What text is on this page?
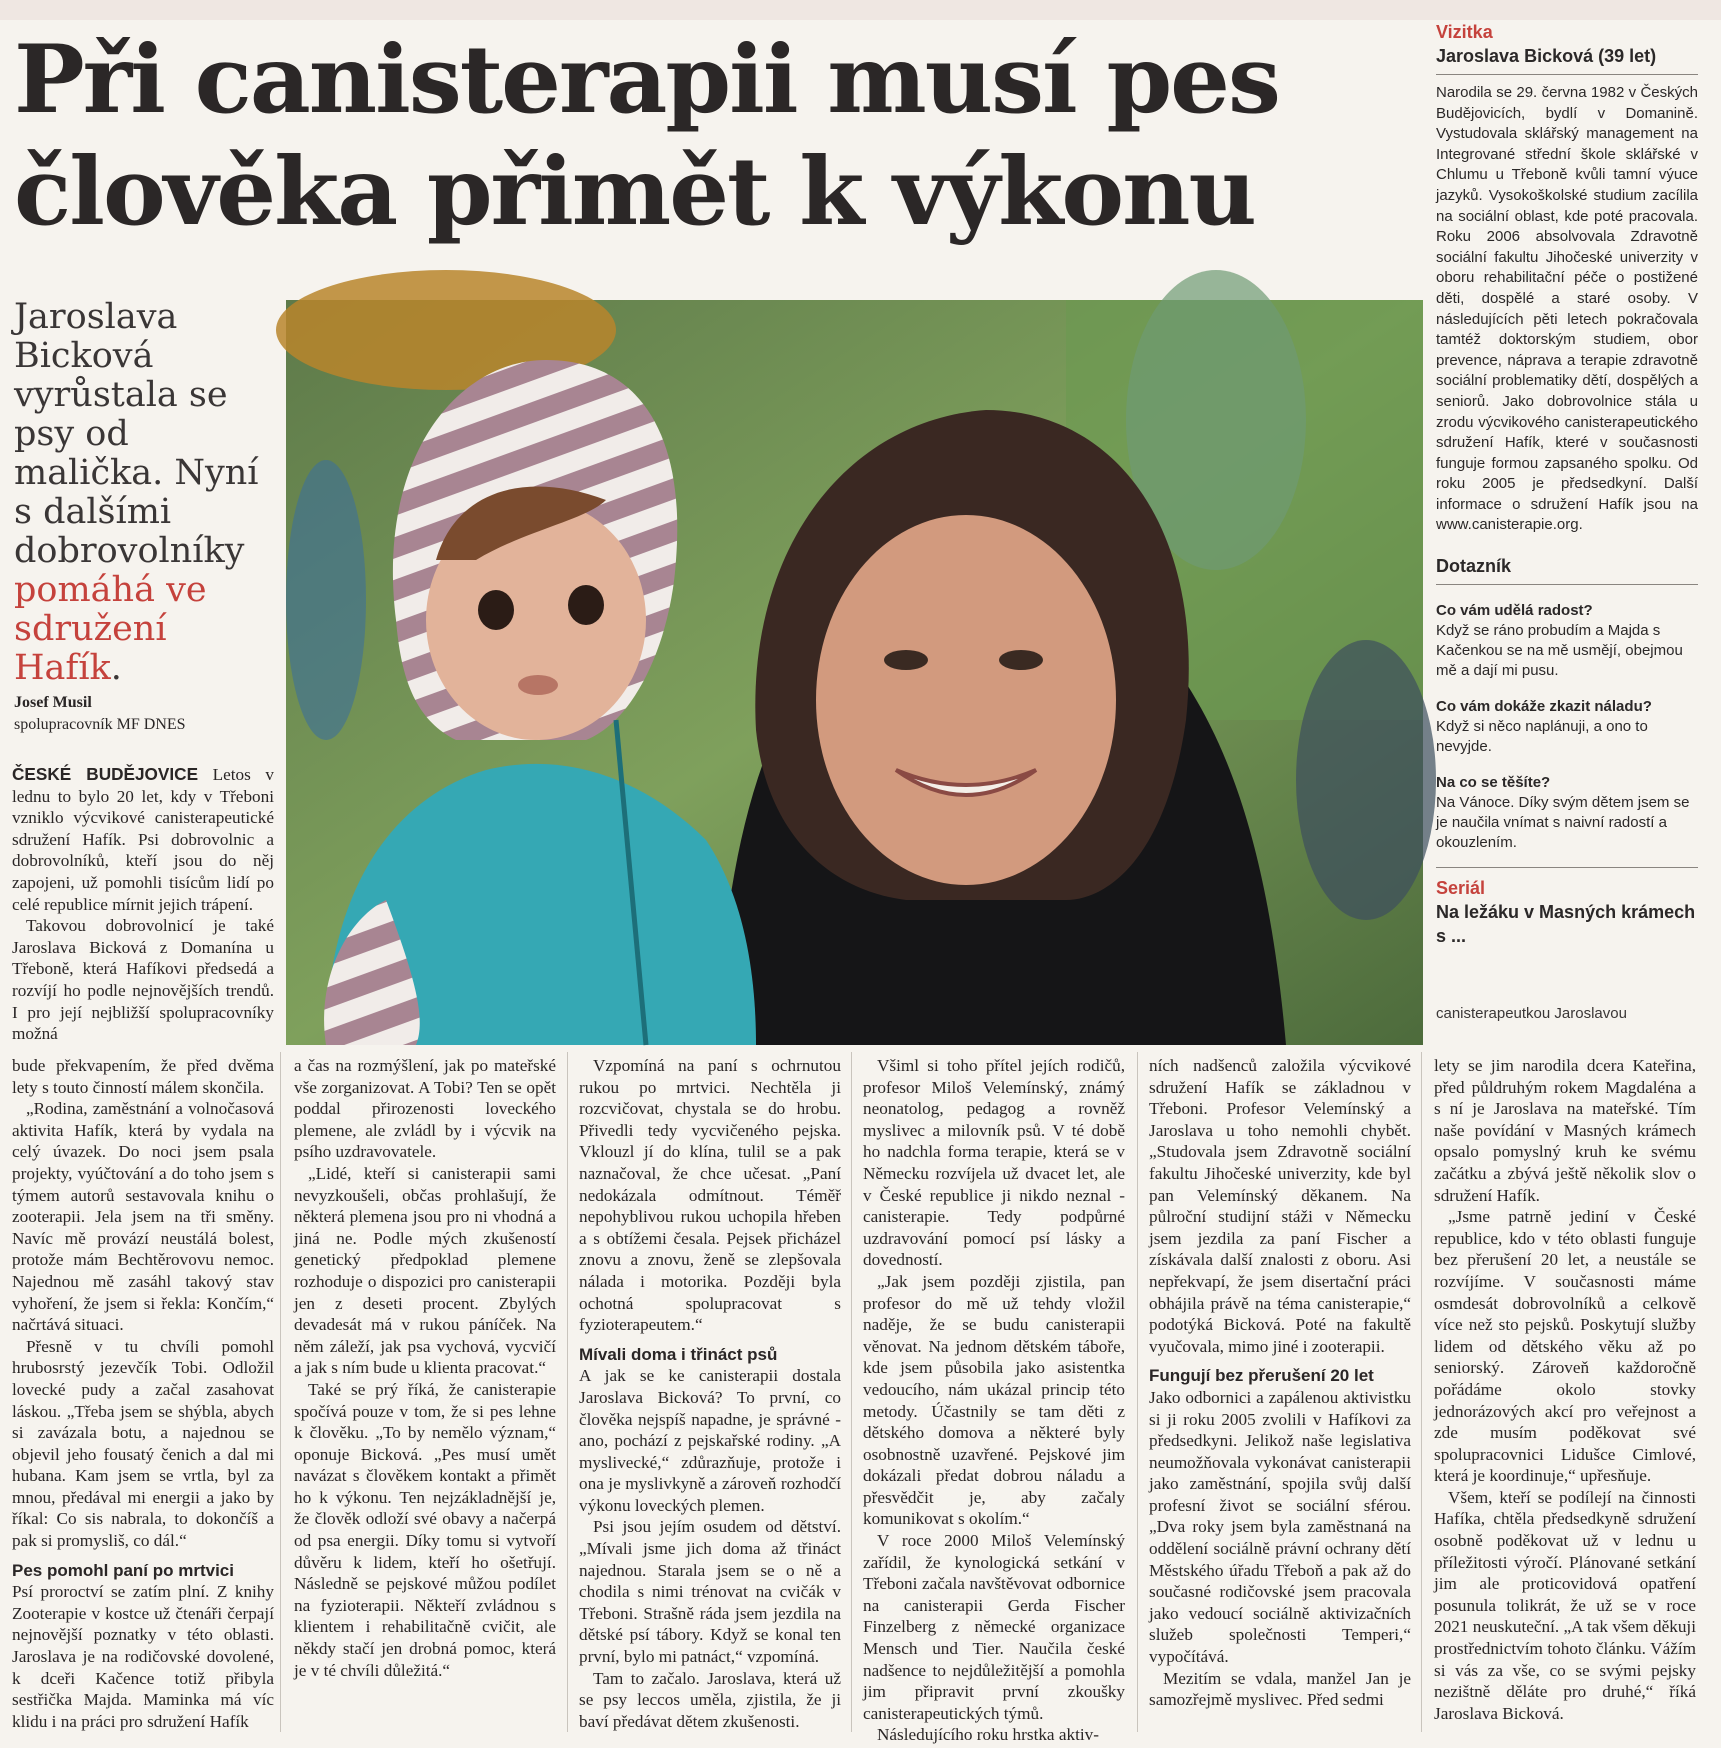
Při canisterapii musí pes
člověka přimět k výkonu
Jaroslava Bicková vyrůstala se psy od malička. Nyní s dalšími dobrovolníky
pomáhá ve sdružení Hafík.
Josef Musil
spolupracovník MF DNES

ČESKÉ BUDĚJOVICE Letos v lednu to bylo 20 let, kdy v Třeboni vzniklo výcvikové canisterapeutické sdružení Hafík. Psi dobrovolnic a dobrovolníků, kteří jsou do něj zapojeni, už pomohli tisícům lidí po celé republice mírnit jejich trápení.

Takovou dobrovolnicí je také Jaroslava Bicková z Domanína u Třeboně, která Hafíkovi předsedá a rozvíjí ho podle nejnovějších trendů. I pro její nejbližší spolupracovníky možná

Vizitka
Jaroslava Bicková (39 let)
Narodila se 29. června 1982 v Českých Budějovicích, bydlí v Domanině. Vystudovala sklářský management na Integrované střední škole sklářské v Chlumu u Třeboně kvůli tamní výuce jazyků. Vysokoškolské studium zacílila na sociální oblast, kde poté pracovala. Roku 2006 absolvovala Zdravotně sociální fakultu Jihočeské univerzity v oboru rehabilitační péče o postižené děti, dospělé a staré osoby. V následujících pěti letech pokračovala tamtéž doktorským studiem, obor prevence, náprava a terapie zdravotně sociální problematiky dětí, dospělých a seniorů. Jako dobrovolnice stála u zrodu výcvikového canisterapeutického sdružení Hafík, které v současnosti funguje formou zapsaného spolku. Od roku 2005 je předsedkyní. Další informace o sdružení Hafík jsou na www.canisterapie.org.
Dotazník
Co vám udělá radost?
Když se ráno probudím a Majda s Kačenkou se na mě usmějí, obejmou mě a dají mi pusu.
Co vám dokáže zkazit náladu?
Když si něco naplánuji, a ono to nevyjde.
Na co se těšíte?
Na Vánoce. Díky svým dětem jsem se je naučila vnímat s naivní radostí a okouzlením.
Seriál
Na ležáku v Masných krámech s ...
canisterapeutkou Jaroslavou

bude překvapením, že před dvěma lety s touto činností málem skončila.

„Rodina, zaměstnání a volnočasová aktivita Hafík, která by vydala na celý úvazek. Do noci jsem psala projekty, vyúčtování a do toho jsem s týmem autorů sestavovala knihu o zooterapii. Jela jsem na tři směny. Navíc mě provází neustálá bolest, protože mám Bechtěrovovu nemoc. Najednou mě zasáhl takový stav vyhoření, že jsem si řekla: Končím,“ načrtává situaci.

Přesně v tu chvíli pomohl hrubosrstý jezevčík Tobi. Odložil lovecké pudy a začal zasahovat láskou. „Třeba jsem se shýbla, abych si zavázala botu, a najednou se objevil jeho fousatý čenich a dal mi hubana. Kam jsem se vrtla, byl za mnou, předával mi energii a jako by říkal: Co sis nabrala, to dokončíš a pak si promysliš, co dál.“

Pes pomohl paní po mrtvici

Psí proroctví se zatím plní. Z knihy Zooterapie v kostce už čtenáři čerpají nejnovější poznatky v této oblasti. Jaroslava je na rodičovské dovolené, k dceři Kačence totiž přibyla sestřička Majda. Maminka má víc klidu i na práci pro sdružení Hafík

a čas na rozmýšlení, jak po mateřské vše zorganizovat. A Tobi? Ten se opět poddal přirozenosti loveckého plemene, ale zvládl by i výcvik na psího uzdravovatele.

„Lidé, kteří si canisterapii sami nevyzkoušeli, občas prohlašují, že některá plemena jsou pro ni vhodná a jiná ne. Podle mých zkušeností genetický předpoklad plemene rozhoduje o dispozici pro canisterapii jen z deseti procent. Zbylých devadesát má v rukou páníček. Na něm záleží, jak psa vychová, vycvičí a jak s ním bude u klienta pracovat.“

Také se prý říká, že canisterapie spočívá pouze v tom, že si pes lehne k člověku. „To by nemělo význam,“ oponuje Bicková. „Pes musí umět navázat s člověkem kontakt a přimět ho k výkonu. Ten nejzákladnější je, že člověk odloží své obavy a načerpá od psa energii. Díky tomu si vytvoří důvěru k lidem, kteří ho ošetřují. Následně se pejskové můžou podílet na fyzioterapii. Někteří zvládnou s klientem i rehabilitačně cvičit, ale někdy stačí jen drobná pomoc, která je v té chvíli důležitá.“

Vzpomíná na paní s ochrnutou rukou po mrtvici. Nechtěla ji rozcvičovat, chystala se do hrobu. Přivedli tedy vycvičeného pejska. Vklouzl jí do klína, tulil se a pak naznačoval, že chce učesat. „Paní nedokázala odmítnout. Téměř nepohyblivou rukou uchopila hřeben a s obtížemi česala. Pejsek přicházel znovu a znovu, ženě se zlepšovala nálada i motorika. Později byla ochotná spolupracovat s fyzioterapeutem.“

Mívali doma i třináct psů

A jak se ke canisterapii dostala Jaroslava Bicková? To první, co člověka nejspíš napadne, je správné - ano, pochází z pejskařské rodiny. „A myslivecké,“ zdůrazňuje, protože i ona je myslivkyně a zároveň rozhodčí výkonu loveckých plemen.

Psi jsou jejím osudem od dětství. „Mívali jsme jich doma až třináct najednou. Starala jsem se o ně a chodila s nimi trénovat na cvičák v Třeboni. Strašně ráda jsem jezdila na dětské psí tábory. Když se konal ten první, bylo mi patnáct,“ vzpomíná.

Tam to začalo. Jaroslava, která už se psy leccos uměla, zjistila, že ji baví předávat dětem zkušenosti.

Všiml si toho přítel jejích rodičů, profesor Miloš Velemínský, známý neonatolog, pedagog a rovněž myslivec a milovník psů. V té době ho nadchla forma terapie, která se v Německu rozvíjela už dvacet let, ale v České republice ji nikdo neznal - canisterapie. Tedy podpůrné uzdravování pomocí psí lásky a dovedností.

„Jak jsem později zjistila, pan profesor do mě už tehdy vložil naděje, že se budu canisterapii věnovat. Na jednom dětském táboře, kde jsem působila jako asistentka vedoucího, nám ukázal princip této metody. Účastnily se tam děti z dětského domova a některé byly osobnostně uzavřené. Pejskové jim dokázali předat dobrou náladu a přesvědčit je, aby začaly komunikovat s okolím.“

V roce 2000 Miloš Velemínský zařídil, že kynologická setkání v Třeboni začala navštěvovat odbornice na canisterapii Gerda Fischer Finzelberg z německé organizace Mensch und Tier. Naučila české nadšence to nejdůležitější a pomohla jim připravit první zkoušky canisterapeutických týmů.

Následujícího roku hrstka aktiv-

ních nadšenců založila výcvikové sdružení Hafík se základnou v Třeboni. Profesor Velemínský a Jaroslava u toho nemohli chybět. „Studovala jsem Zdravotně sociální fakultu Jihočeské univerzity, kde byl pan Velemínský děkanem. Na půlroční studijní stáži v Německu jsem jezdila za paní Fischer a získávala další znalosti z oboru. Asi nepřekvapí, že jsem disertační práci obhájila právě na téma canisterapie,“ podotýká Bicková. Poté na fakultě vyučovala, mimo jiné i zooterapii.

Fungují bez přerušení 20 let

Jako odbornici a zapálenou aktivistku si ji roku 2005 zvolili v Hafíkovi za předsedkyni. Jelikož naše legislativa neumožňovala vykonávat canisterapii jako zaměstnání, spojila svůj další profesní život se sociální sférou. „Dva roky jsem byla zaměstnaná na oddělení sociálně právní ochrany dětí Městského úřadu Třeboň a pak až do současné rodičovské jsem pracovala jako vedoucí sociálně aktivizačních služeb společnosti Temperi,“ vypočítává.

Mezitím se vdala, manžel Jan je samozřejmě myslivec. Před sedmi

lety se jim narodila dcera Kateřina, před půldruhým rokem Magdaléna a s ní je Jaroslava na mateřské. Tím naše povídání v Masných krámech opsalo pomyslný kruh ke svému začátku a zbývá ještě několik slov o sdružení Hafík.

„Jsme patrně jediní v České republice, kdo v této oblasti funguje bez přerušení 20 let, a neustále se rozvíjíme. V současnosti máme osmdesát dobrovolníků a celkově více než sto pejsků. Poskytují služby lidem od dětského věku až po seniorský. Zároveň každoročně pořádáme okolo stovky jednorázových akcí pro veřejnost a zde musím poděkovat své spolupracovnici Lidušce Cimlové, která je koordinuje,“ upřesňuje.

Všem, kteří se podílejí na činnosti Hafíka, chtěla předsedkyně sdružení osobně poděkovat už v lednu u příležitosti výročí. Plánované setkání jim ale proticovidová opatření posunula tolikrát, že už se v roce 2021 neuskuteční. „A tak všem děkuji prostřednictvím tohoto článku. Vážím si vás za vše, co se svými pejsky nezištně děláte pro druhé,“ říká Jaroslava Bicková.
